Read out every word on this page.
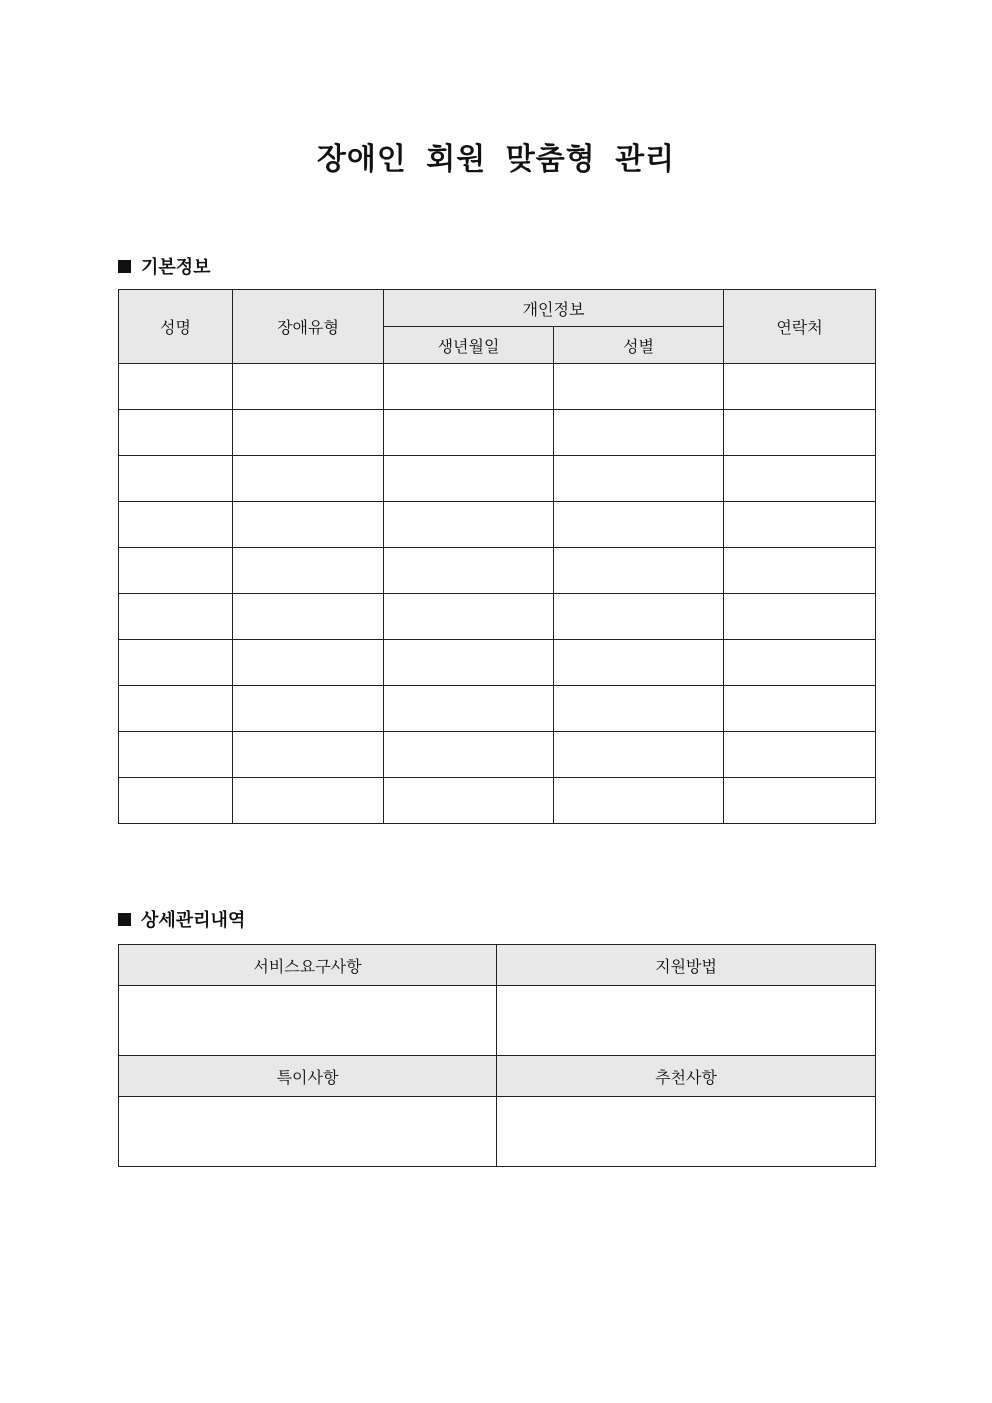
장애인 회원 맞춤형 관리
기본정보
성명	장애유형	개인정보		연락처
		생년월일	성별	

상세관리내역
서비스요구사항	지원방법

특이사항	추천사항
